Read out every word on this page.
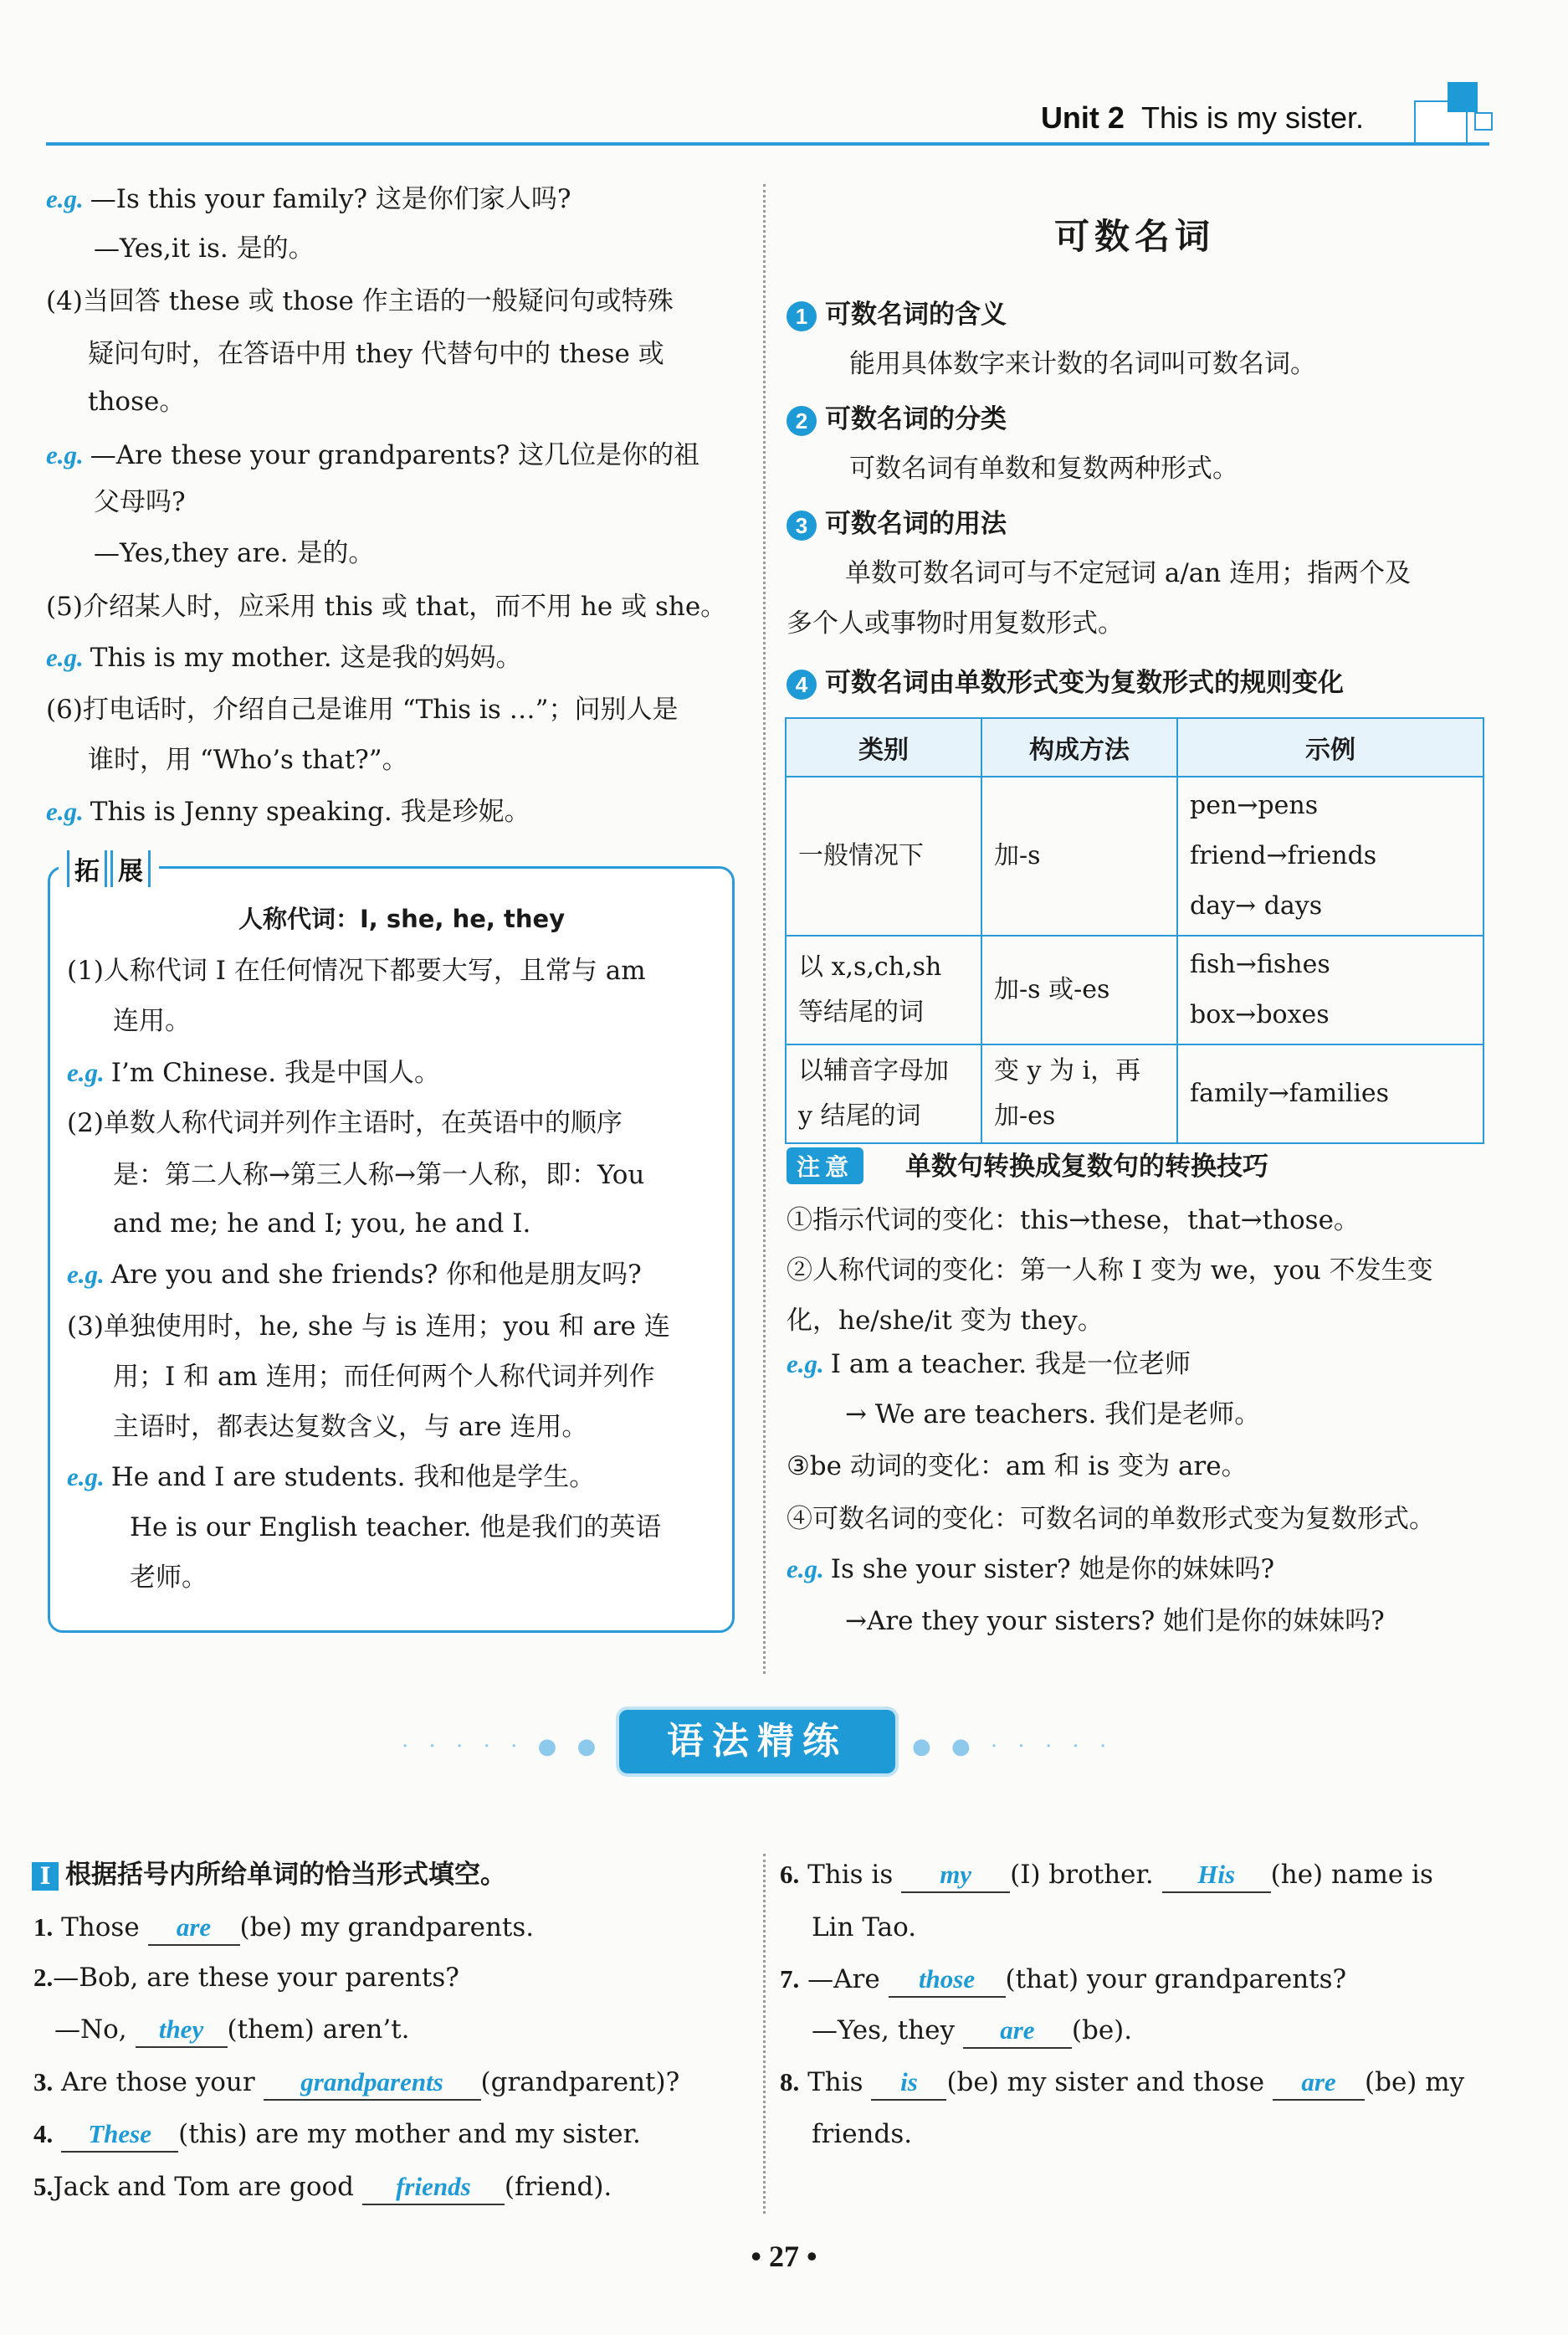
Unit 2 This is my sister.
e.g. —Is this your family? 这是你们家人吗?
—Yes,it is. 是的。
(4)当回答 these 或 those 作主语的一般疑问句或特殊
疑问句时，在答语中用 they 代替句中的 these 或
those。
e.g. —Are these your grandparents? 这几位是你的祖
父母吗?
—Yes,they are. 是的。
(5)介绍某人时，应采用 this 或 that，而不用 he 或 she。
e.g. This is my mother. 这是我的妈妈。
(6)打电话时，介绍自己是谁用 “This is …”；问别人是
谁时，用 “Who’s that?”。
e.g. This is Jenny speaking. 我是珍妮。
拓 展
人称代词：I, she, he, they
(1)人称代词 I 在任何情况下都要大写，且常与 am
连用。
e.g. I’m Chinese. 我是中国人。
(2)单数人称代词并列作主语时，在英语中的顺序
是：第二人称→第三人称→第一人称，即：You
and me; he and I; you, he and I.
e.g. Are you and she friends? 你和他是朋友吗?
(3)单独使用时，he, she 与 is 连用；you 和 are 连
用；I 和 am 连用；而任何两个人称代词并列作
主语时，都表达复数含义，与 are 连用。
e.g. He and I are students. 我和他是学生。
He is our English teacher. 他是我们的英语
老师。
可数名词
1 可数名词的含义
能用具体数字来计数的名词叫可数名词。
2 可数名词的分类
可数名词有单数和复数两种形式。
3 可数名词的用法
单数可数名词可与不定冠词 a/an 连用；指两个及
多个人或事物时用复数形式。
4 可数名词由单数形式变为复数形式的规则变化
类别	构成方法	示例
一般情况下	加-s	pen→pens
friend→friends
day→ days

以 x,s,ch,sh 等结尾的词	加-s 或-es	fish→fishes
box→boxes

以辅音字母加 y 结尾的词	变 y 为 i，再加-es	family→families
注意 单数句转换成复数句的转换技巧
①指示代词的变化：this→these，that→those。
②人称代词的变化：第一人称 I 变为 we，you 不发生变
化，he/she/it 变为 they。
e.g. I am a teacher. 我是一位老师
→ We are teachers. 我们是老师。
③be 动词的变化：am 和 is 变为 are。
④可数名词的变化：可数名词的单数形式变为复数形式。
e.g. Is she your sister? 她是你的妹妹吗?
→Are they your sisters? 她们是你的妹妹吗?
· · · · · ● ●	语法精练	● ● · · · · ·
I 根据括号内所给单词的恰当形式填空。
1. Those are (be) my grandparents.
2.—Bob, are these your parents?
—No, they (them) aren’t.
3. Are those your grandparents (grandparent)?
4. These (this) are my mother and my sister.
5.Jack and Tom are good friends (friend).
6. This is my (I) brother. His (he) name is
Lin Tao.
7. —Are those (that) your grandparents?
—Yes, they are (be).
8. This is (be) my sister and those are (be) my
friends.
• 27 •
